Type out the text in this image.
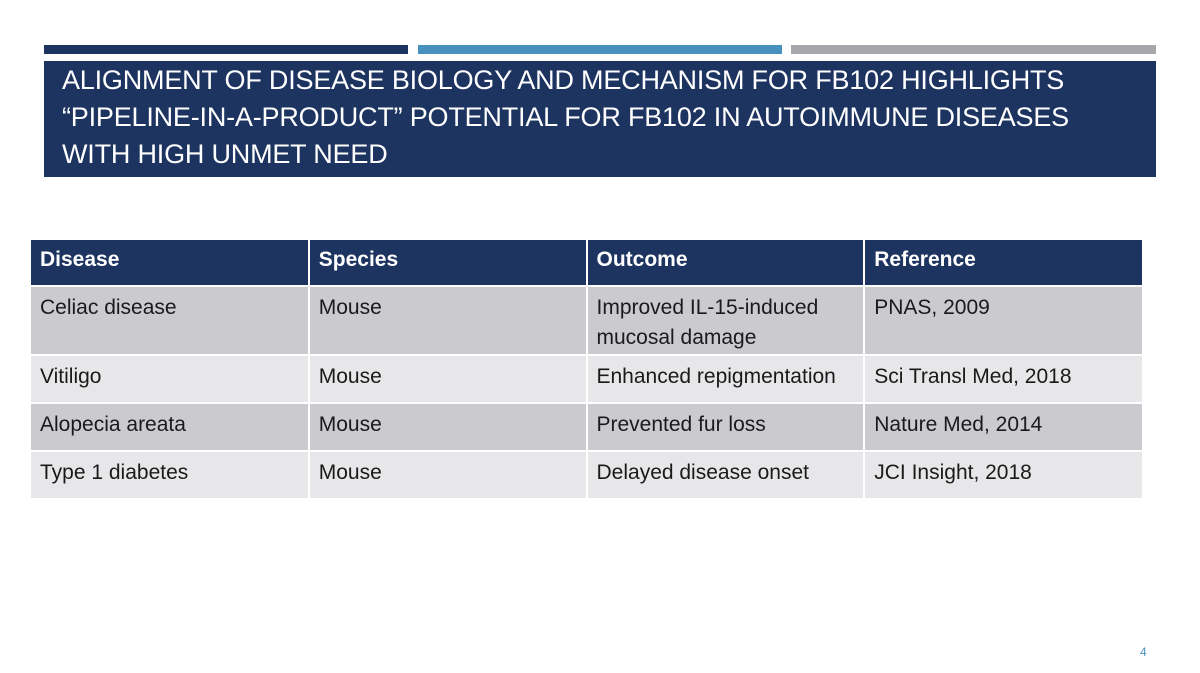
ALIGNMENT OF DISEASE BIOLOGY AND MECHANISM FOR FB102 HIGHLIGHTS “PIPELINE-IN-A-PRODUCT” POTENTIAL FOR FB102 IN AUTOIMMUNE DISEASES WITH HIGH UNMET NEED
Disease	Species	Outcome	Reference
Celiac disease	Mouse	Improved IL-15-induced mucosal damage	PNAS, 2009
Vitiligo	Mouse	Enhanced repigmentation	Sci Transl Med, 2018
Alopecia areata	Mouse	Prevented fur loss	Nature Med, 2014
Type 1 diabetes	Mouse	Delayed disease onset	JCI Insight, 2018
4
